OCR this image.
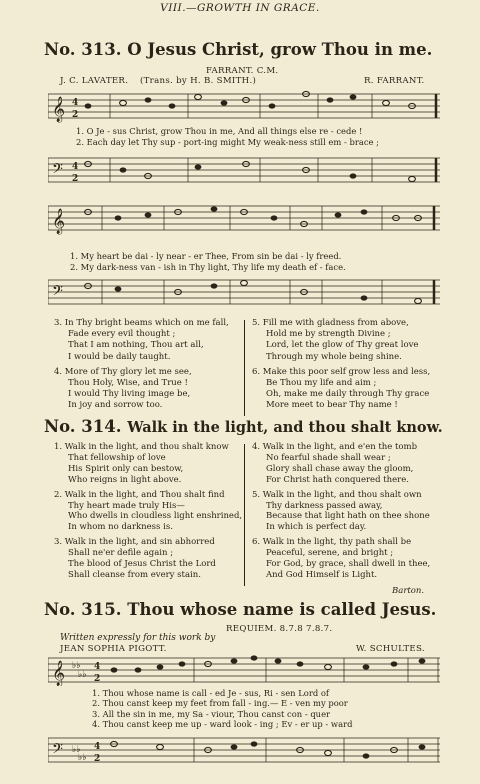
VIII.—GROWTH IN GRACE.
No. 313. O Jesus Christ, grow Thou in me.
FARRANT. C.M.
J. C. LAVATER. (Trans. by H. B. SMITH.)	R. FARRANT.
𝄞 4
2
1. O Je - sus Christ, grow Thou in me, And all things else re - cede !
2. Each day let Thy sup - port-ing might My weak-ness still em - brace ;
𝄢 4
2
𝄞
1. My heart be dai - ly near - er Thee, From sin be dai - ly freed.
2. My dark-ness van - ish in Thy light, Thy life my death ef - face.
𝄢
3. In Thy bright beams which on me fall,
Fade every evil thought ;
That I am nothing, Thou art all,
I would be daily taught.
4. More of Thy glory let me see,
Thou Holy, Wise, and True !
I would Thy living image be,
In joy and sorrow too.
5. Fill me with gladness from above,
Hold me by strength Divine ;
Lord, let the glow of Thy great love
Through my whole being shine.
6. Make this poor self grow less and less,
Be Thou my life and aim ;
Oh, make me daily through Thy grace
More meet to bear Thy name !
No. 314. Walk in the light, and thou shalt know.
1. Walk in the light, and thou shalt know
That fellowship of love
His Spirit only can bestow,
Who reigns in light above.
2. Walk in the light, and Thou shalt find
Thy heart made truly His—
Who dwells in cloudless light enshrined,
In whom no darkness is.
3. Walk in the light, and sin abhorred
Shall ne'er defile again ;
The blood of Jesus Christ the Lord
Shall cleanse from every stain.
4. Walk in the light, and e'en the tomb
No fearful shade shall wear ;
Glory shall chase away the gloom,
For Christ hath conquered there.
5. Walk in the light, and thou shalt own
Thy darkness passed away,
Because that light hath on thee shone
In which is perfect day.
6. Walk in the light, thy path shall be
Peaceful, serene, and bright ;
For God, by grace, shall dwell in thee,
And God Himself is Light.
Barton.
No. 315. Thou whose name is called Jesus.
REQUIEM. 8.7.8 7.8.7.
Written expressly for this work by
JEAN SOPHIA PIGOTT.	W. SCHULTES.
𝄞 ♭♭
♭♭
4
2
1. Thou whose name is call - ed Je - sus, Ri - sen Lord of
2. Thou canst keep my feet from fall - ing.— E - ven my poor
3. All the sin in me, my Sa - viour, Thou canst con - quer
4. Thou canst keep me up - ward look - ing ; Ev - er up - ward
𝄢 ♭♭
♭♭
4
2
